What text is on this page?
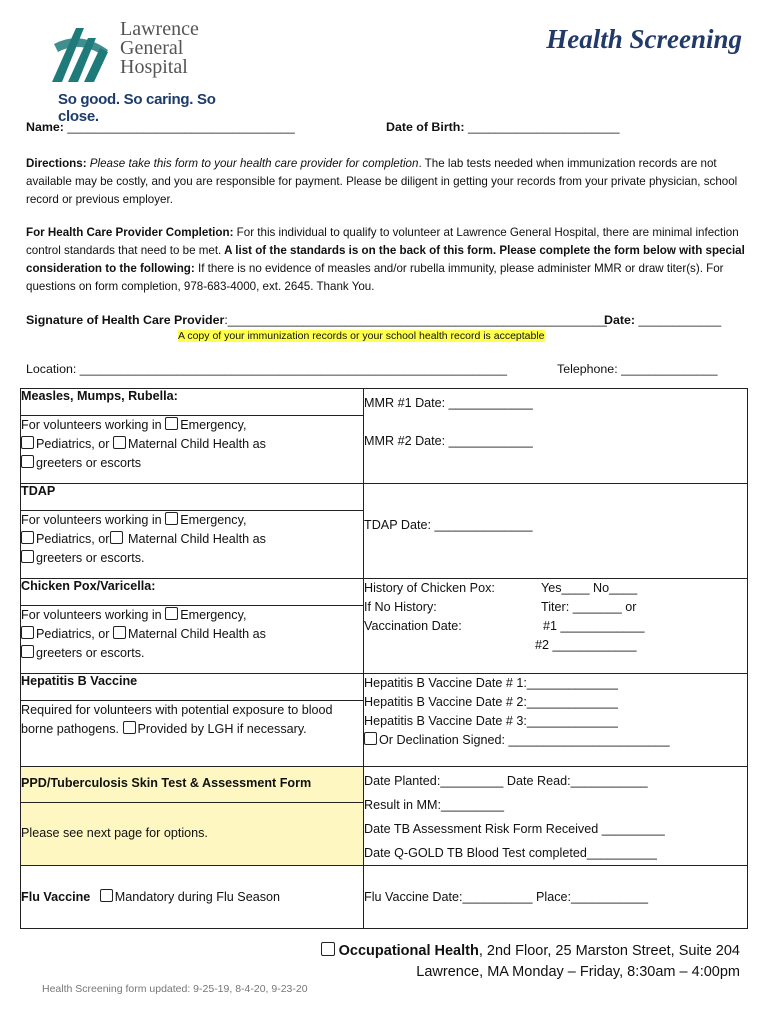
Lawrence
General
Hospital
So good. So caring. So close.
Health Screening
Name: _________________________________	Date of Birth: ______________________
Directions: Please take this form to your health care provider for completion. The lab tests needed when immunization records are not available may be costly, and you are responsible for payment. Please be diligent in getting your records from your private physician, school record or previous employer.
For Health Care Provider Completion: For this individual to qualify to volunteer at Lawrence General Hospital, there are minimal infection control standards that need to be met. A list of the standards is on the back of this form. Please complete the form below with special consideration to the following: If there is no evidence of measles and/or rubella immunity, please administer MMR or draw titer(s). For questions on form completion, 978-683-4000, ext. 2645. Thank You.
Signature of Health Care Provider:_______________________________________________________
Date: ____________
A copy of your immunization records or your school health record is acceptable
Location: ______________________________________________________________	Telephone: ______________
Measles, Mumps, Rubella:	MMR #1 Date: ____________
MMR #2 Date: ____________

For volunteers working in Emergency,
Pediatrics, or Maternal Child Health as
greeters or escorts	
TDAP	TDAP Date: ______________

For volunteers working in Emergency,
Pediatrics, or Maternal Child Health as
greeters or escorts.	
Chicken Pox/Varicella:	History of Chicken Pox: Yes____ No____
If No History: Titer: _______ or
Vaccination Date: #1 ____________
#2 ____________

For volunteers working in Emergency,
Pediatrics, or Maternal Child Health as
greeters or escorts.	
Hepatitis B Vaccine	Hepatitis B Vaccine Date # 1:_____________
Hepatitis B Vaccine Date # 2:_____________
Hepatitis B Vaccine Date # 3:_____________
Or Declination Signed: _______________________

Required for volunteers with potential exposure to blood borne pathogens. Provided by LGH if necessary.	
PPD/Tuberculosis Skin Test & Assessment Form	Date Planted:_________ Date Read:___________
Result in MM:_________
Date TB Assessment Risk Form Received _________
Date Q-GOLD TB Blood Test completed__________

Please see next page for options.	
Flu Vaccine Mandatory during Flu Season	Flu Vaccine Date:__________ Place:___________
Occupational Health, 2nd Floor, 25 Marston Street, Suite 204
Lawrence, MA Monday – Friday, 8:30am – 4:00pm
Health Screening form updated: 9-25-19, 8-4-20, 9-23-20
